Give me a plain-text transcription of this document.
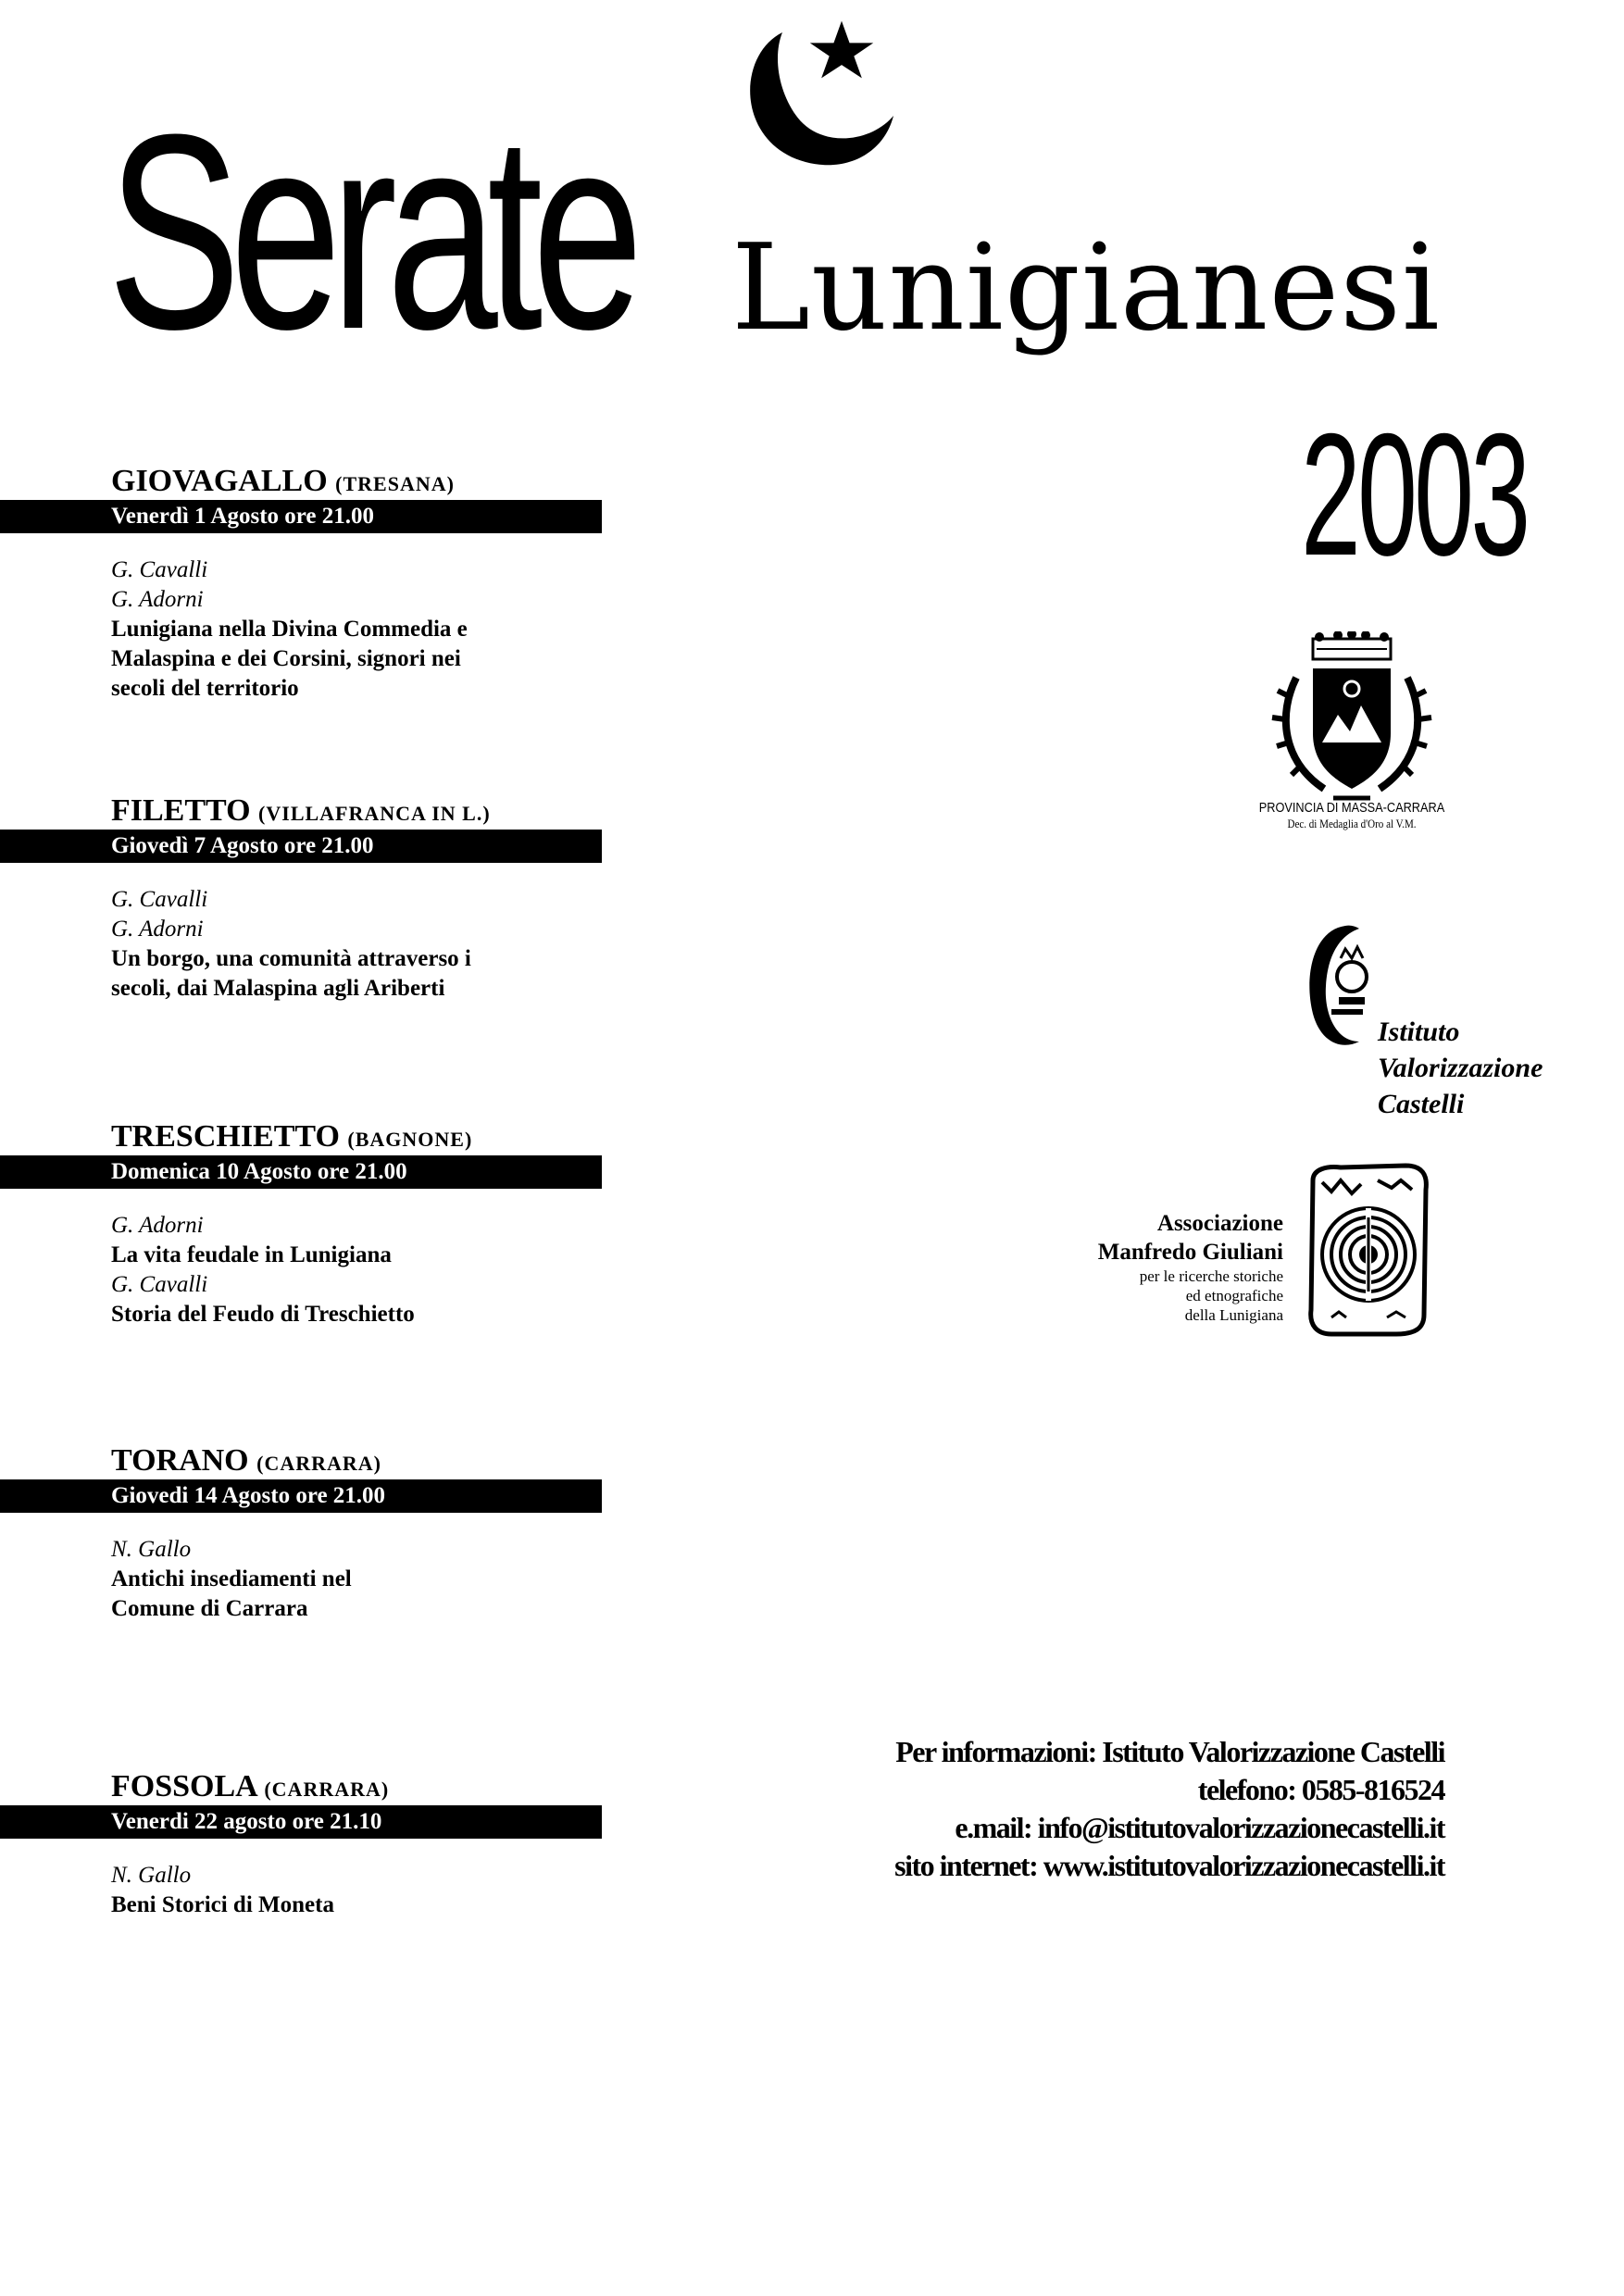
Serate Lunigianesi
2003
GIOVAGALLO (TRESANA)
Venerdì 1 Agosto ore 21.00
G. Cavalli
G. Adorni
Lunigiana nella Divina Commedia e
Malaspina e dei Corsini, signori nei
secoli del territorio
FILETTO (VILLAFRANCA IN L.)
Giovedì 7 Agosto ore 21.00
G. Cavalli
G. Adorni
Un borgo, una comunità attraverso i
secoli, dai Malaspina agli Ariberti
TRESCHIETTO (BAGNONE)
Domenica 10 Agosto ore 21.00
G. Adorni
La vita feudale in Lunigiana
G. Cavalli
Storia del Feudo di Treschietto
TORANO (CARRARA)
Giovedi 14 Agosto ore 21.00
N. Gallo
Antichi insediamenti nel
Comune di Carrara
FOSSOLA (CARRARA)
Venerdi 22 agosto ore 21.10
N. Gallo
Beni Storici di Moneta
PROVINCIA DI MASSA-CARRARA
Dec. di Medaglia d'Oro al V.M.
Istituto
Valorizzazione
Castelli
Associazione
Manfredo Giuliani
per le ricerche storiche
ed etnografiche
della Lunigiana
Per informazioni: Istituto Valorizzazione Castelli
telefono: 0585-816524
e.mail: info@istitutovalorizzazionecastelli.it
sito internet: www.istitutovalorizzazionecastelli.it
